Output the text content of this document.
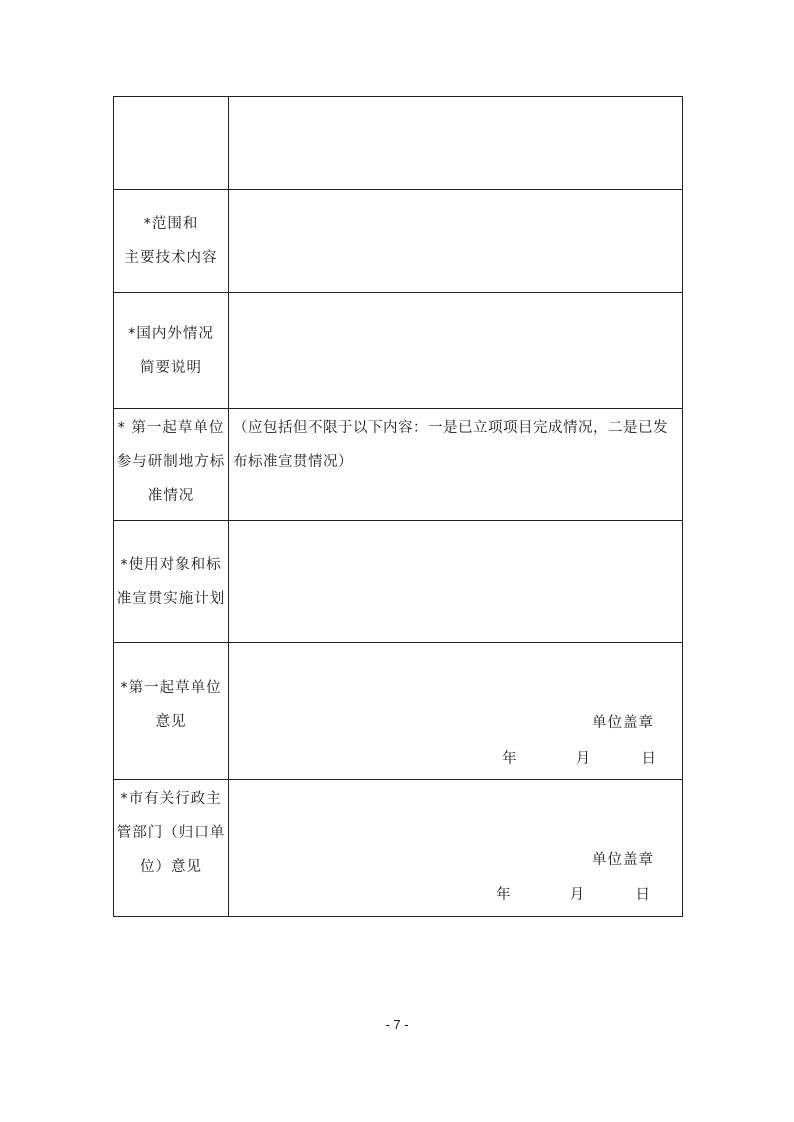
*范围和
主要技术内容	

*国内外情况
简要说明	

* 第一起草单位
参与研制地方标
准情况	（应包括但不限于以下内容：一是已立项项目完成情况，二是已发布标准宣贯情况）

*使用对象和标
准宣贯实施计划	

*第一起草单位
意见	单位盖章
年 月 日

*市有关行政主
管部门（归口单
位）意见	单位盖章
年 月 日
- 7 -
